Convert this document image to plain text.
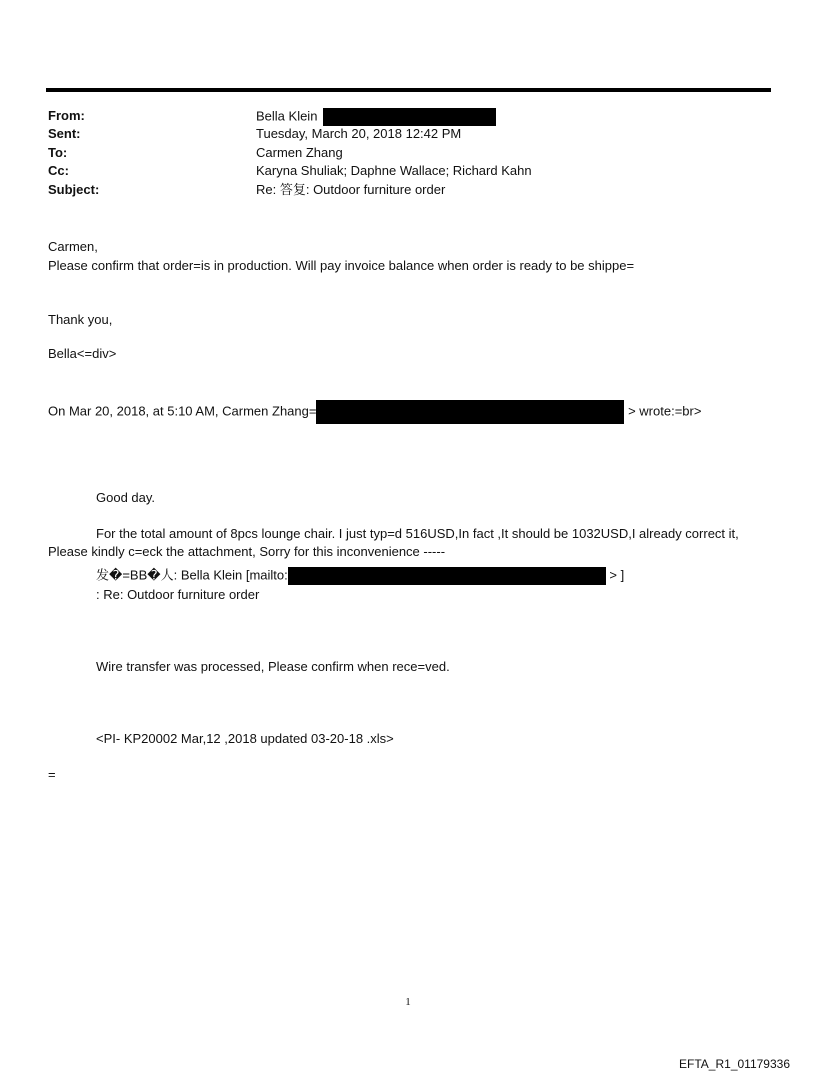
From:	Bella Klein
Sent:	Tuesday, March 20, 2018 12:42 PM
To:	Carmen Zhang
Cc:	Karyna Shuliak; Daphne Wallace; Richard Kahn
Subject:	Re: 答复: Outdoor furniture order
Carmen,
Please confirm that order=is in production. Will pay invoice balance when order is ready to be shippe=
Thank you,
Bella<=div>
On Mar 20, 2018, at 5:10 AM, Carmen Zhang=	> wrote:=br>
Good day.
For the total amount of 8pcs lounge chair. I just typ=d 516USD,In fact ,It should be 1032USD,I already correct it,
Please kindly c=eck the attachment, Sorry for this inconvenience -----
发�=BB�人: Bella Klein [mailto:	> ]
: Re: Outdoor furniture order
Wire transfer was processed, Please confirm when rece=ved.
<PI- KP20002 Mar,12 ,2018 updated 03-20-18 .xls>
=
1
EFTA_R1_01179336
